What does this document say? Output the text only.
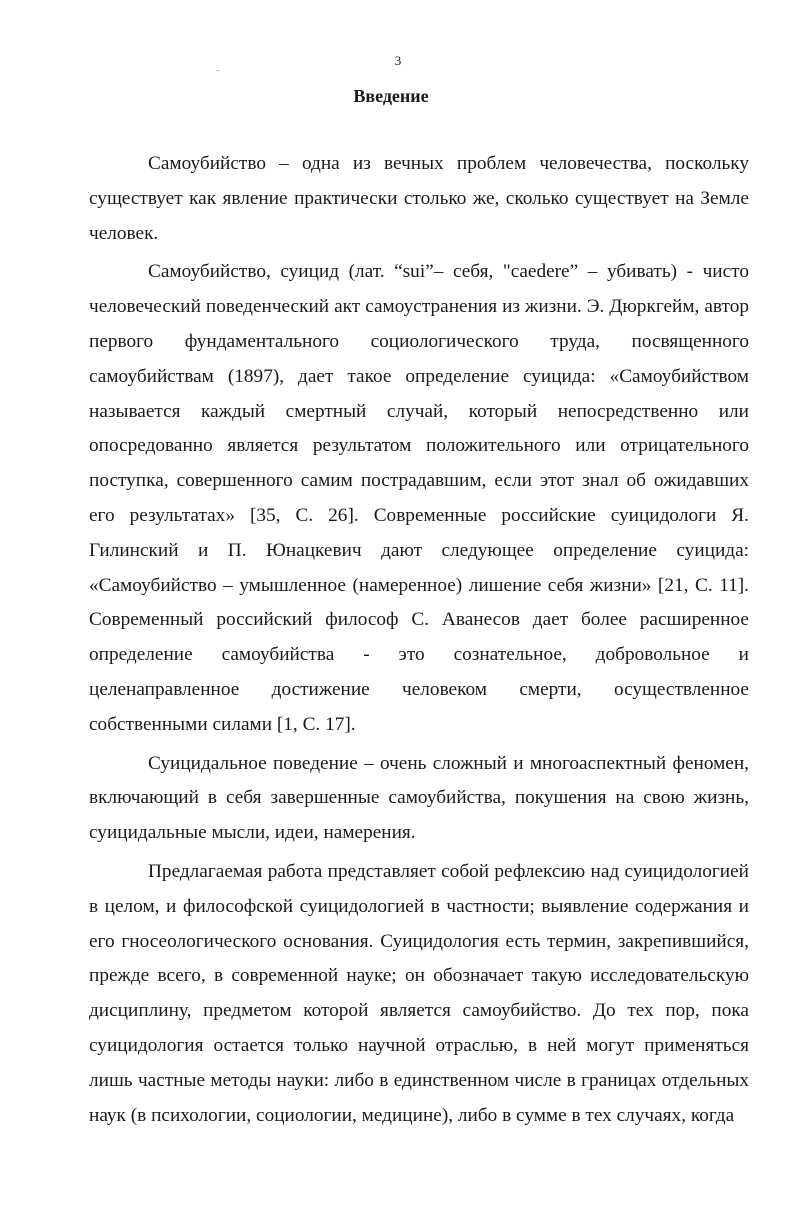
3
Введение

Самоубийство – одна из вечных проблем человечества, поскольку существует как явление практически столько же, сколько существует на Земле человек.

Самоубийство, суицид (лат. “sui”– себя, "caedere” – убивать) - чисто человеческий поведенческий акт самоустранения из жизни. Э. Дюркгейм, автор первого фундаментального социологического труда, посвященного самоубийствам (1897), дает такое определение суицида: «Самоубийством называется каждый смертный случай, который непосредственно или опосредованно является результатом положительного или отрицательного поступка, совершенного самим пострадавшим, если этот знал об ожидавших его результатах» [35, С. 26]. Современные российские суицидологи Я. Гилинский и П. Юнацкевич дают следующее определение суицида: «Самоубийство – умышленное (намеренное) лишение себя жизни» [21, С. 11]. Современный российский философ С. Аванесов дает более расширенное определение самоубийства - это сознательное, добровольное и целенаправленное достижение человеком смерти, осуществленное собственными силами [1, С. 17].

Суицидальное поведение – очень сложный и многоаспектный феномен, включающий в себя завершенные самоубийства, покушения на свою жизнь, суицидальные мысли, идеи, намерения.

Предлагаемая работа представляет собой рефлексию над суицидологией в целом, и философской суицидологией в частности; выявление содержания и его гносеологического основания. Суицидология есть термин, закрепившийся, прежде всего, в современной науке; он обозначает такую исследовательскую дисциплину, предметом которой является самоубийство. До тех пор, пока суицидология остается только научной отраслью, в ней могут применяться лишь частные методы науки: либо в единственном числе в границах отдельных наук (в психологии, социологии, медицине), либо в сумме в тех случаях, когда
